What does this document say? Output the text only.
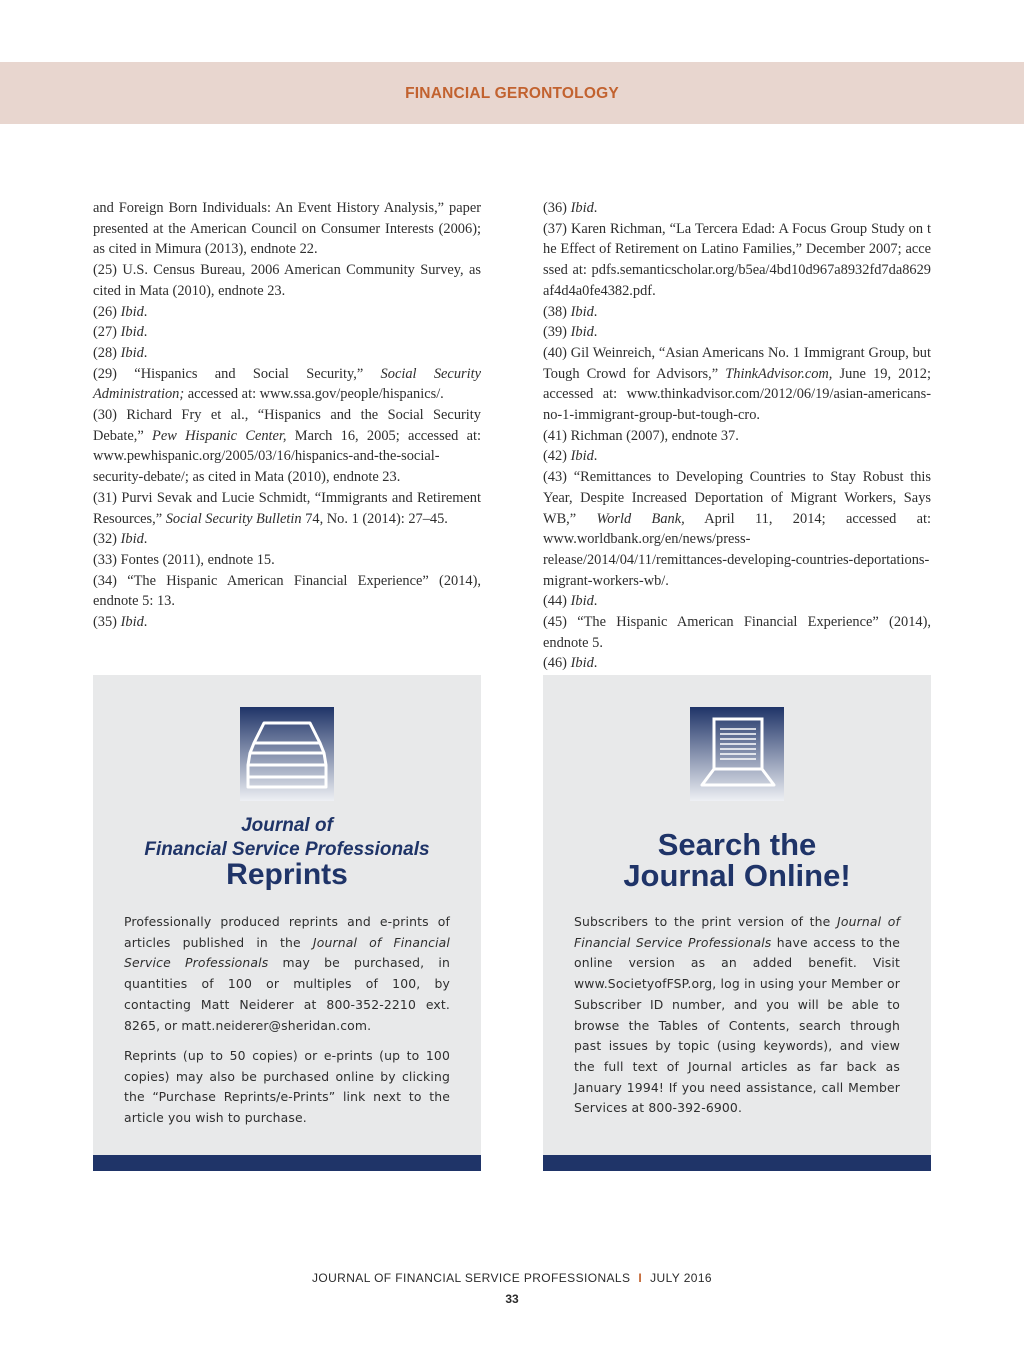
FINANCIAL GERONTOLOGY

and Foreign Born Individuals: An Event History Analysis,” paper presented at the American Council on Consumer Interests (2006); as cited in Mimura (2013), endnote 22.

(25) U.S. Census Bureau, 2006 American Community Survey, as cited in Mata (2010), endnote 23.

(26) Ibid.

(27) Ibid.

(28) Ibid.

(29) “Hispanics and Social Security,” Social Security Administration; accessed at: www.ssa.gov/people/hispanics/.

(30) Richard Fry et al., “Hispanics and the Social Security Debate,” Pew Hispanic Center, March 16, 2005; accessed at: www.pewhispanic.org/2005/03/16/hispanics-and-the-social-security-debate/; as cited in Mata (2010), endnote 23.

(31) Purvi Sevak and Lucie Schmidt, “Immigrants and Retirement Resources,” Social Security Bulletin 74, No. 1 (2014): 27–45.

(32) Ibid.

(33) Fontes (2011), endnote 15.

(34) “The Hispanic American Financial Experience” (2014), endnote 5: 13.

(35) Ibid.

(36) Ibid.

(37) Karen Richman, “La Tercera Edad: A Focus Group Study on the Effect of Retirement on Latino Families,” December 2007; accessed at: pdfs.semanticscholar.org/b5ea/4bd10d967a8932fd7da8629af4d4a0fe4382.pdf.

(38) Ibid.

(39) Ibid.

(40) Gil Weinreich, “Asian Americans No. 1 Immigrant Group, but Tough Crowd for Advisors,” ThinkAdvisor.com, June 19, 2012; accessed at: www.thinkadvisor.com/2012/06/19/asian-americans-no-1-immigrant-group-but-tough-cro.

(41) Richman (2007), endnote 37.

(42) Ibid.

(43) “Remittances to Developing Countries to Stay Robust this Year, Despite Increased Deportation of Migrant Workers, Says WB,” World Bank, April 11, 2014; accessed at: www.worldbank.org/en/news/press-release/2014/04/11/remittances-developing-countries-deportations-migrant-workers-wb/.

(44) Ibid.

(45) “The Hispanic American Financial Experience” (2014), endnote 5.

(46) Ibid.

Journal of
Financial Service Professionals
Reprints
Professionally produced reprints and e-prints of articles published in the Journal of Financial Service Professionals may be purchased, in quantities of 100 or multiples of 100, by contacting Matt Neiderer at 800-352-2210 ext. 8265, or matt.neiderer@sheridan.com.
Reprints (up to 50 copies) or e-prints (up to 100 copies) may also be purchased online by clicking the “Purchase Reprints/e-Prints” link next to the article you wish to purchase.
Search the
Journal Online!
Subscribers to the print version of the Journal of Financial Service Professionals have access to the online version as an added benefit. Visit www.SocietyofFSP.org, log in using your Member or Subscriber ID number, and you will be able to browse the Tables of Contents, search through past issues by topic (using keywords), and view the full text of Journal articles as far back as January 1994! If you need assistance, call Member Services at 800-392-6900.
JOURNAL OF FINANCIAL SERVICE PROFESSIONALS I JULY 2016
33
